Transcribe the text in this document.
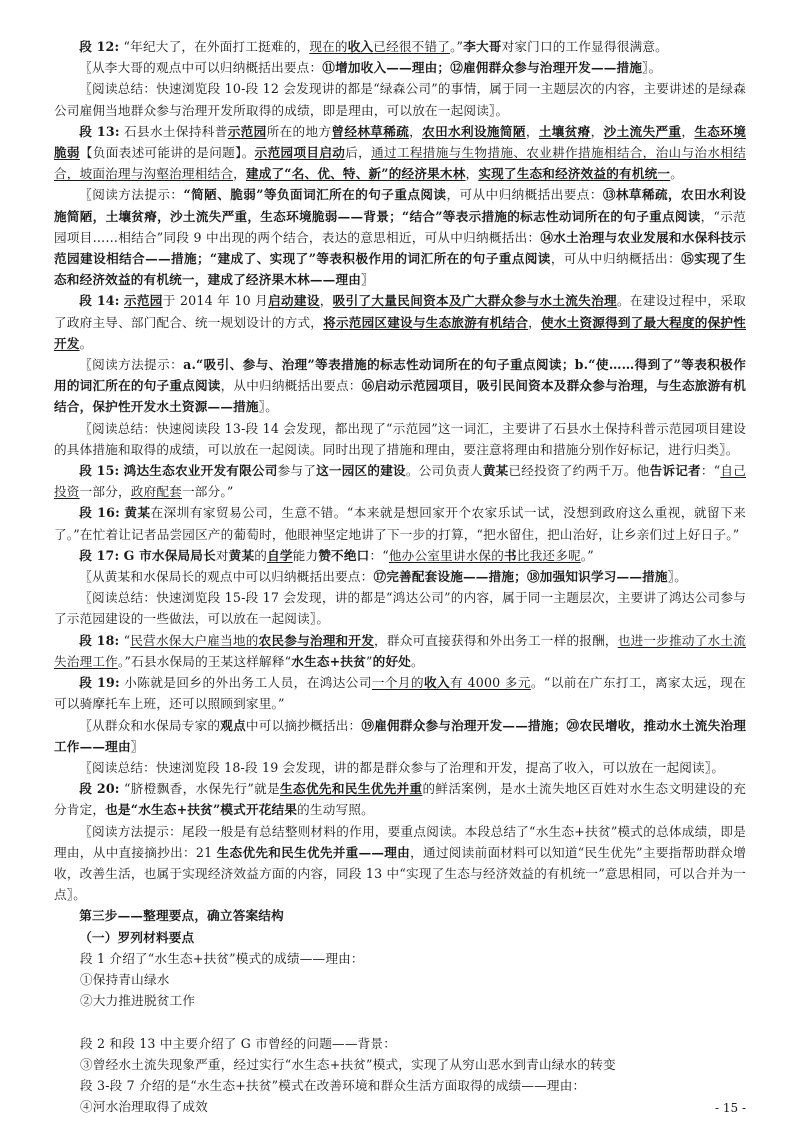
段 12: “年纪大了，在外面打工挺难的，现在的收入已经很不错了。”李大哥对家门口的工作显得很满意。
〖从李大哥的观点中可以归纳概括出要点：⑪增加收入——理由；⑫雇佣群众参与治理开发——措施〗。
〖阅读总结：快速浏览段 10-段 12 会发现讲的都是“绿森公司”的事情，属于同一主题层次的内容，主要讲述的是绿森公司雇佣当地群众参与治理开发所取得的成绩，即是理由，可以放在一起阅读〗。
段 13: 石县水土保持科普示范园所在的地方曾经林草稀疏，农田水利设施简陋，土壤贫瘠，沙土流失严重，生态环境脆弱【负面表述可能讲的是问题】。示范园项目启动后，通过工程措施与生物措施、农业耕作措施相结合，治山与治水相结合，坡面治理与沟壑治理相结合，建成了“名、优、特、新”的经济果木林，实现了生态和经济效益的有机统一。
〖阅读方法提示：“简陋、脆弱”等负面词汇所在的句子重点阅读，可从中归纳概括出要点：⑬林草稀疏，农田水利设施简陋，土壤贫瘠，沙土流失严重，生态环境脆弱——背景；“结合”等表示措施的标志性动词所在的句子重点阅读，“示范园项目……相结合”同段 9 中出现的两个结合，表达的意思相近，可从中归纳概括出：⑭水土治理与农业发展和水保科技示范园建设相结合——措施；“建成了、实现了”等表积极作用的词汇所在的句子重点阅读，可从中归纳概括出：⑮实现了生态和经济效益的有机统一，建成了经济果木林——理由〗
段 14: 示范园于 2014 年 10 月启动建设，吸引了大量民间资本及广大群众参与水土流失治理。在建设过程中，采取了政府主导、部门配合、统一规划设计的方式，将示范园区建设与生态旅游有机结合，使水土资源得到了最大程度的保护性开发。
〖阅读方法提示：a.“吸引、参与、治理”等表措施的标志性动词所在的句子重点阅读；b.“使……得到了”等表积极作用的词汇所在的句子重点阅读，从中归纳概括出要点：⑯启动示范园项目，吸引民间资本及群众参与治理，与生态旅游有机结合，保护性开发水土资源——措施〗。
〖阅读总结：快速阅读段 13-段 14 会发现，都出现了“示范园”这一词汇，主要讲了石县水土保持科普示范园项目建设的具体措施和取得的成绩，可以放在一起阅读。同时出现了措施和理由，要注意将理由和措施分别作好标记，进行归类〗。
段 15: 鸿达生态农业开发有限公司参与了这一园区的建设。公司负责人黄某已经投资了约两千万。他告诉记者：“自己投资一部分，政府配套一部分。”
段 16: 黄某在深圳有家贸易公司，生意不错。“本来就是想回家开个农家乐试一试，没想到政府这么重视，就留下来了。”在忙着让记者品尝园区产的葡萄时，他眼神坚定地讲了下一步的打算，“把水留住，把山治好，让乡亲们过上好日子。”
段 17: G 市水保局局长对黄某的自学能力赞不绝口：“他办公室里讲水保的书比我还多呢。”
〖从黄某和水保局长的观点中可以归纳概括出要点：⑰完善配套设施——措施；⑱加强知识学习——措施〗。
〖阅读总结：快速浏览段 15-段 17 会发现，讲的都是“鸿达公司”的内容，属于同一主题层次，主要讲了鸿达公司参与了示范园建设的一些做法，可以放在一起阅读〗。
段 18: “民营水保大户雇当地的农民参与治理和开发，群众可直接获得和外出务工一样的报酬，也进一步推动了水土流失治理工作。”石县水保局的王某这样解释“水生态+扶贫”的好处。
段 19: 小陈就是回乡的外出务工人员，在鸿达公司一个月的收入有 4000 多元。“以前在广东打工，离家太远，现在可以骑摩托车上班，还可以照顾到家里。”
〖从群众和水保局专家的观点中可以摘抄概括出：⑲雇佣群众参与治理开发——措施；⑳农民增收，推动水土流失治理工作——理由〗
〖阅读总结：快速浏览段 18-段 19 会发现，讲的都是群众参与了治理和开发，提高了收入，可以放在一起阅读〗。
段 20: “脐橙飘香，水保先行”就是生态优先和民生优先并重的鲜活案例，是水土流失地区百姓对水生态文明建设的充分肯定，也是“水生态+扶贫”模式开花结果的生动写照。
〖阅读方法提示：尾段一般是有总结整则材料的作用，要重点阅读。本段总结了“水生态+扶贫”模式的总体成绩，即是理由，从中直接摘抄出：21 生态优先和民生优先并重——理由，通过阅读前面材料可以知道“民生优先”主要指帮助群众增收，改善生活，也属于实现经济效益方面的内容，同段 13 中“实现了生态与经济效益的有机统一”意思相同，可以合并为一点〗。
第三步——整理要点，确立答案结构
（一）罗列材料要点
段 1 介绍了“水生态+扶贫”模式的成绩——理由：
①保持青山绿水
②大力推进脱贫工作
段 2 和段 13 中主要介绍了 G 市曾经的问题——背景：
③曾经水土流失现象严重，经过实行“水生态+扶贫”模式，实现了从穷山恶水到青山绿水的转变
段 3-段 7 介绍的是“水生态+扶贫”模式在改善环境和群众生活方面取得的成绩——理由：
④河水治理取得了成效	- 15 -
